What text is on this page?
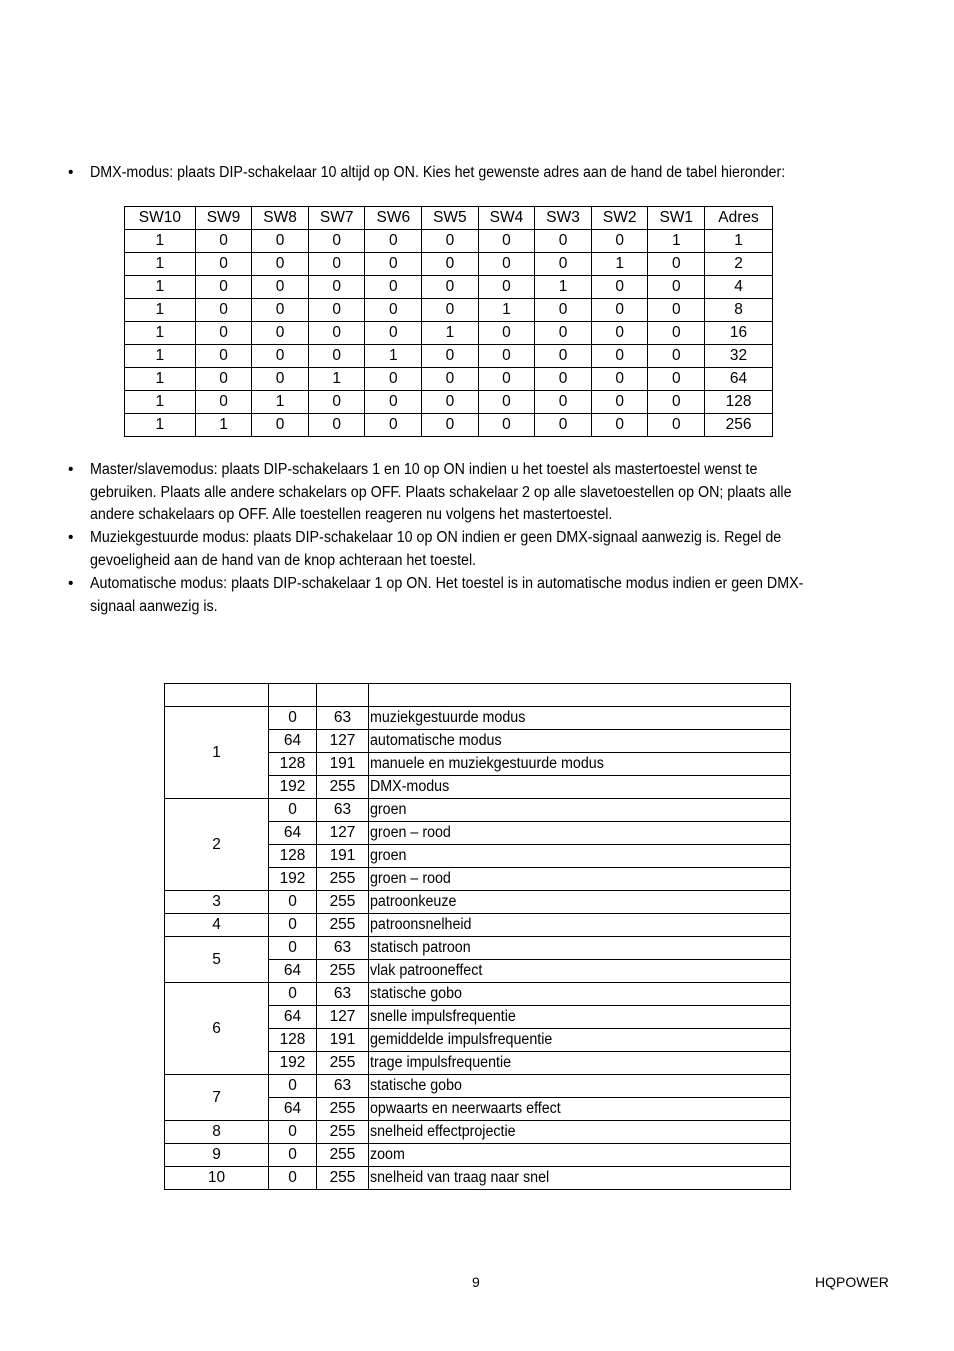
• DMX-modus: plaats DIP-schakelaar 10 altijd op ON. Kies het gewenste adres aan de hand de tabel hieronder:
SW10	SW9	SW8	SW7	SW6	SW5	SW4	SW3	SW2	SW1	Adres
1	0	0	0	0	0	0	0	0	1	1
1	0	0	0	0	0	0	0	1	0	2
1	0	0	0	0	0	0	1	0	0	4
1	0	0	0	0	0	1	0	0	0	8
1	0	0	0	0	1	0	0	0	0	16
1	0	0	0	1	0	0	0	0	0	32
1	0	0	1	0	0	0	0	0	0	64
1	0	1	0	0	0	0	0	0	0	128
1	1	0	0	0	0	0	0	0	0	256
• Master/slavemodus: plaats DIP-schakelaars 1 en 10 op ON indien u het toestel als mastertoestel wenst te
gebruiken. Plaats alle andere schakelars op OFF. Plaats schakelaar 2 op alle slavetoestellen op ON; plaats alle
andere schakelaars op OFF. Alle toestellen reageren nu volgens het mastertoestel.
• Muziekgestuurde modus: plaats DIP-schakelaar 10 op ON indien er geen DMX-signaal aanwezig is. Regel de
gevoeligheid aan de hand van de knop achteraan het toestel.
• Automatische modus: plaats DIP-schakelaar 1 op ON. Het toestel is in automatische modus indien er geen DMX-
signaal aanwezig is.

1	0	63	muziekgestuurde modus
	64	127	automatische modus
	128	191	manuele en muziekgestuurde modus
	192	255	DMX-modus
2	0	63	groen
	64	127	groen – rood
	128	191	groen
	192	255	groen – rood
3	0	255	patroonkeuze
4	0	255	patroonsnelheid
5	0	63	statisch patroon
	64	255	vlak patrooneffect
6	0	63	statische gobo
	64	127	snelle impulsfrequentie
	128	191	gemiddelde impulsfrequentie
	192	255	trage impulsfrequentie
7	0	63	statische gobo
	64	255	opwaarts en neerwaarts effect
8	0	255	snelheid effectprojectie
9	0	255	zoom
10	0	255	snelheid van traag naar snel
9	HQPOWER
